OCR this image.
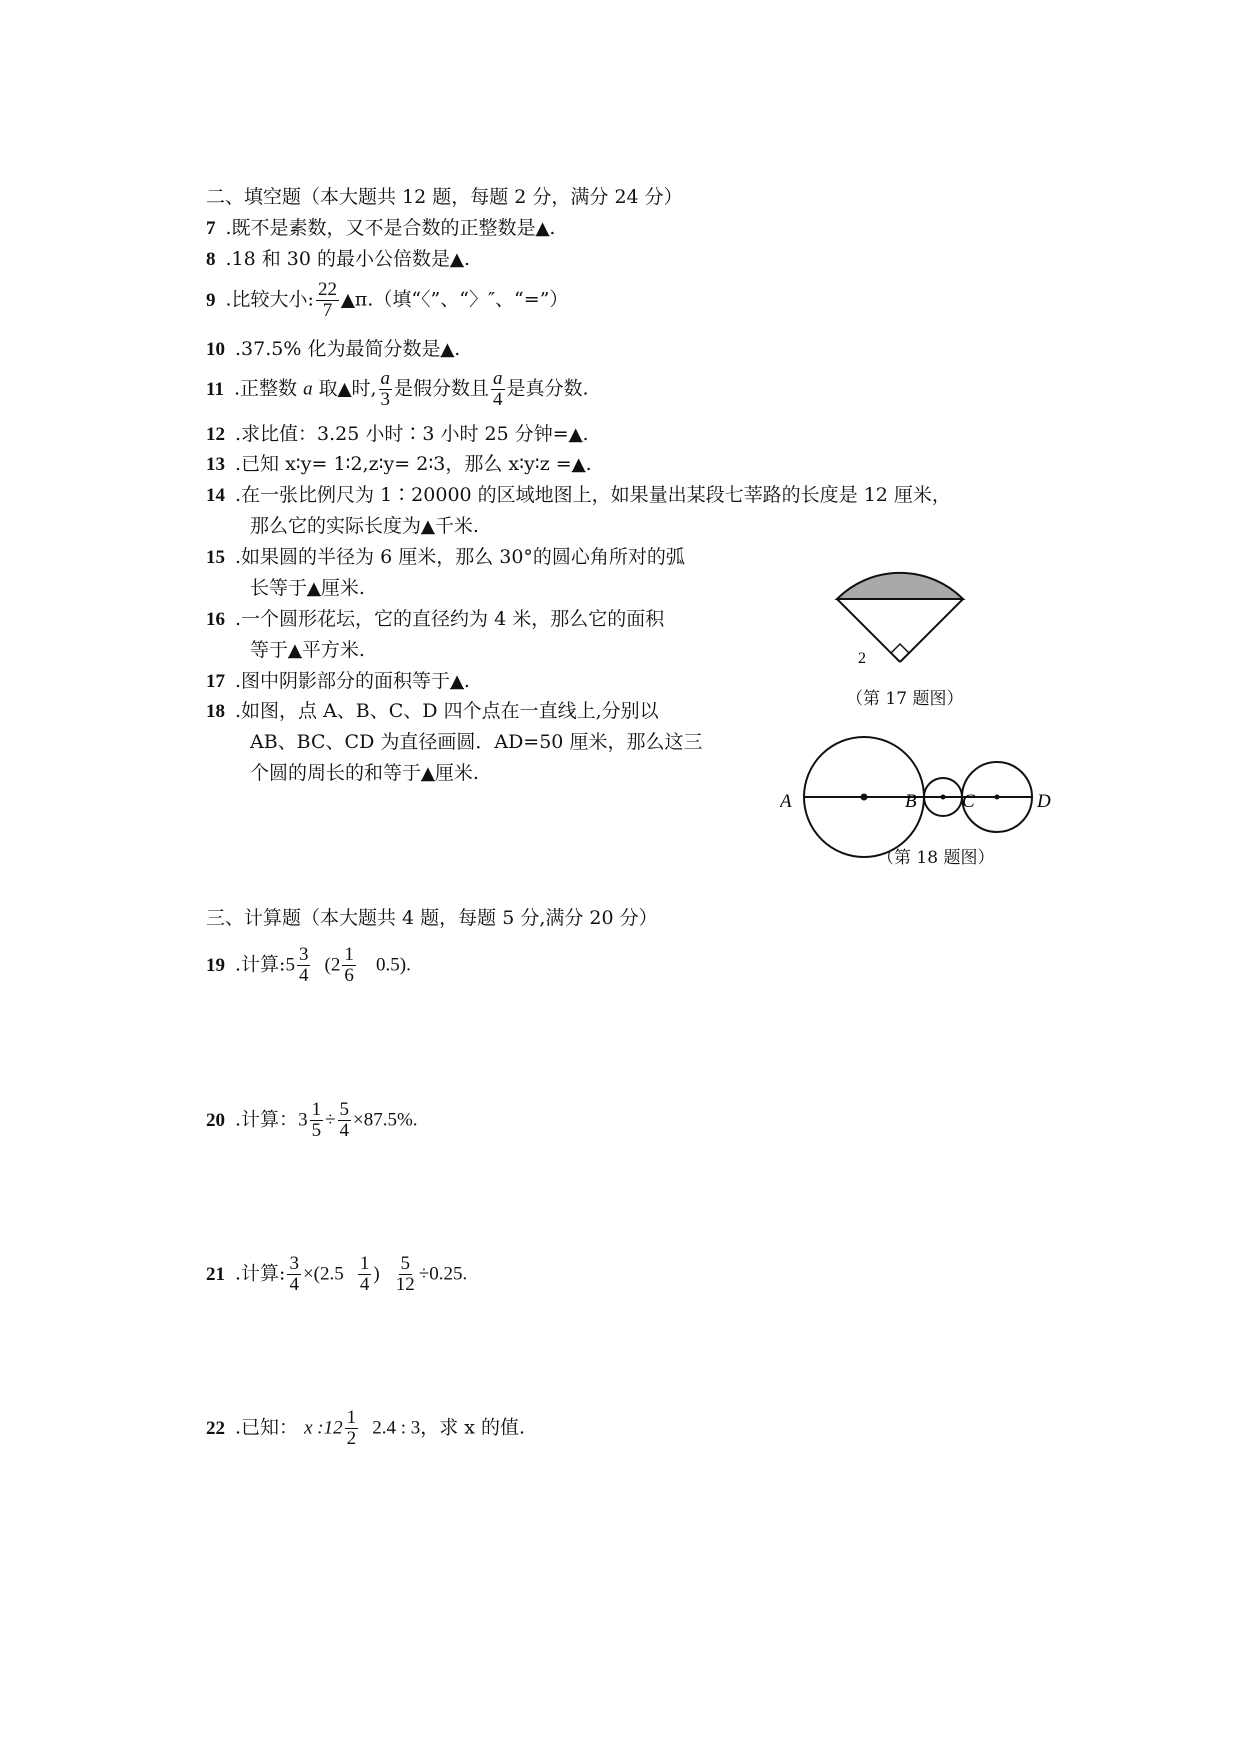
二、填空题（本大题共 12 题，每题 2 分，满分 24 分）
7 .既不是素数，又不是合数的正整数是▲.
8 .18 和 30 的最小公倍数是▲.
9 .比较大小: $\frac{22}{7}$ ▲π.（填“〈”、“〉″、“=”）
10 .37.5% 化为最简分数是▲.
11 .正整数 a 取▲时, $\frac{a}{3}$ 是假分数且 $\frac{a}{4}$ 是真分数.
12 .求比值：3.25 小时∶3 小时 25 分钟=▲.
13 .已知 x∶y= 1∶2,z∶y= 2∶3，那么 x∶y∶z =▲.
14 .在一张比例尺为 1∶20000 的区域地图上，如果量出某段七莘路的长度是 12 厘米，
那么它的实际长度为▲千米.
15 .如果圆的半径为 6 厘米，那么 30°的圆心角所对的弧
长等于▲厘米.
16 .一个圆形花坛，它的直径约为 4 米，那么它的面积
等于▲平方米.
17 .图中阴影部分的面积等于▲.
18 .如图，点 A、B、C、D 四个点在一直线上,分别以
AB、BC、CD 为直径画圆．AD=50 厘米，那么这三
个圆的周长的和等于▲厘米.
2
（第 17 题图）
A	B C	D
（第 18 题图）
三、计算题（本大题共 4 题，每题 5 分,满分 20 分）
19 .计算:5 $\frac{3}{4} (2 \frac{1}{6} 0.5)$.
20 .计算：$3 \frac{1}{5} \div \frac{5}{4} \times 87.5\%$.
21 .计算: $\frac{3}{4} \times(2.5 \frac{1}{4}$ ) $\frac{5}{12} \div 0.25$.
22 .已知： x :12 $\frac{1}{2} 2.4$ : 3，求 x 的值.
